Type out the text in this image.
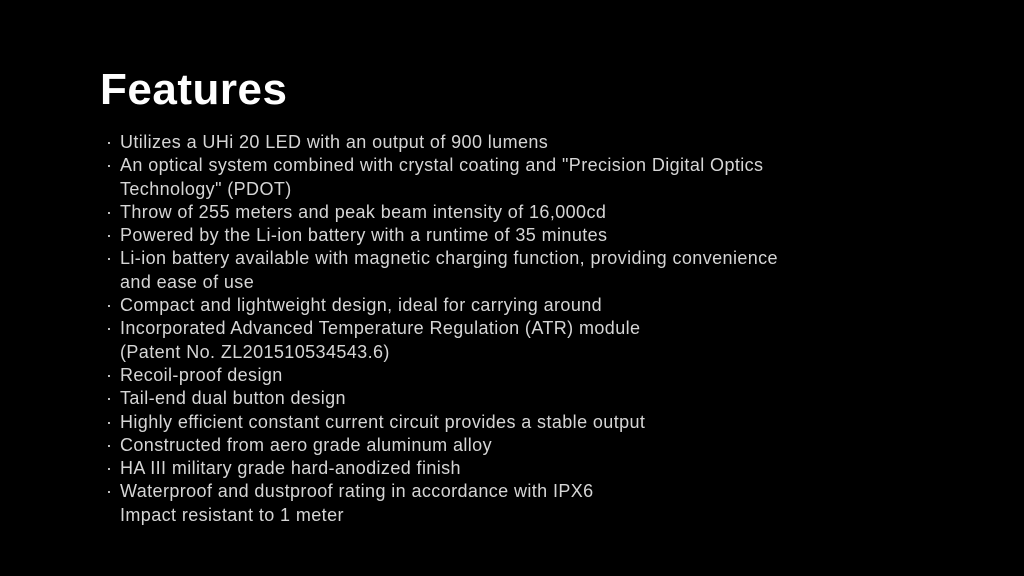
Features
· Utilizes a UHi 20 LED with an output of 900 lumens
· An optical system combined with crystal coating and "Precision Digital Optics
Technology" (PDOT)
· Throw of 255 meters and peak beam intensity of 16,000cd
· Powered by the Li-ion battery with a runtime of 35 minutes
· Li-ion battery available with magnetic charging function, providing convenience
and ease of use
· Compact and lightweight design, ideal for carrying around
· Incorporated Advanced Temperature Regulation (ATR) module
(Patent No. ZL201510534543.6)
· Recoil-proof design
· Tail-end dual button design
· Highly efficient constant current circuit provides a stable output
· Constructed from aero grade aluminum alloy
· HA III military grade hard-anodized finish
· Waterproof and dustproof rating in accordance with IPX6
Impact resistant to 1 meter
